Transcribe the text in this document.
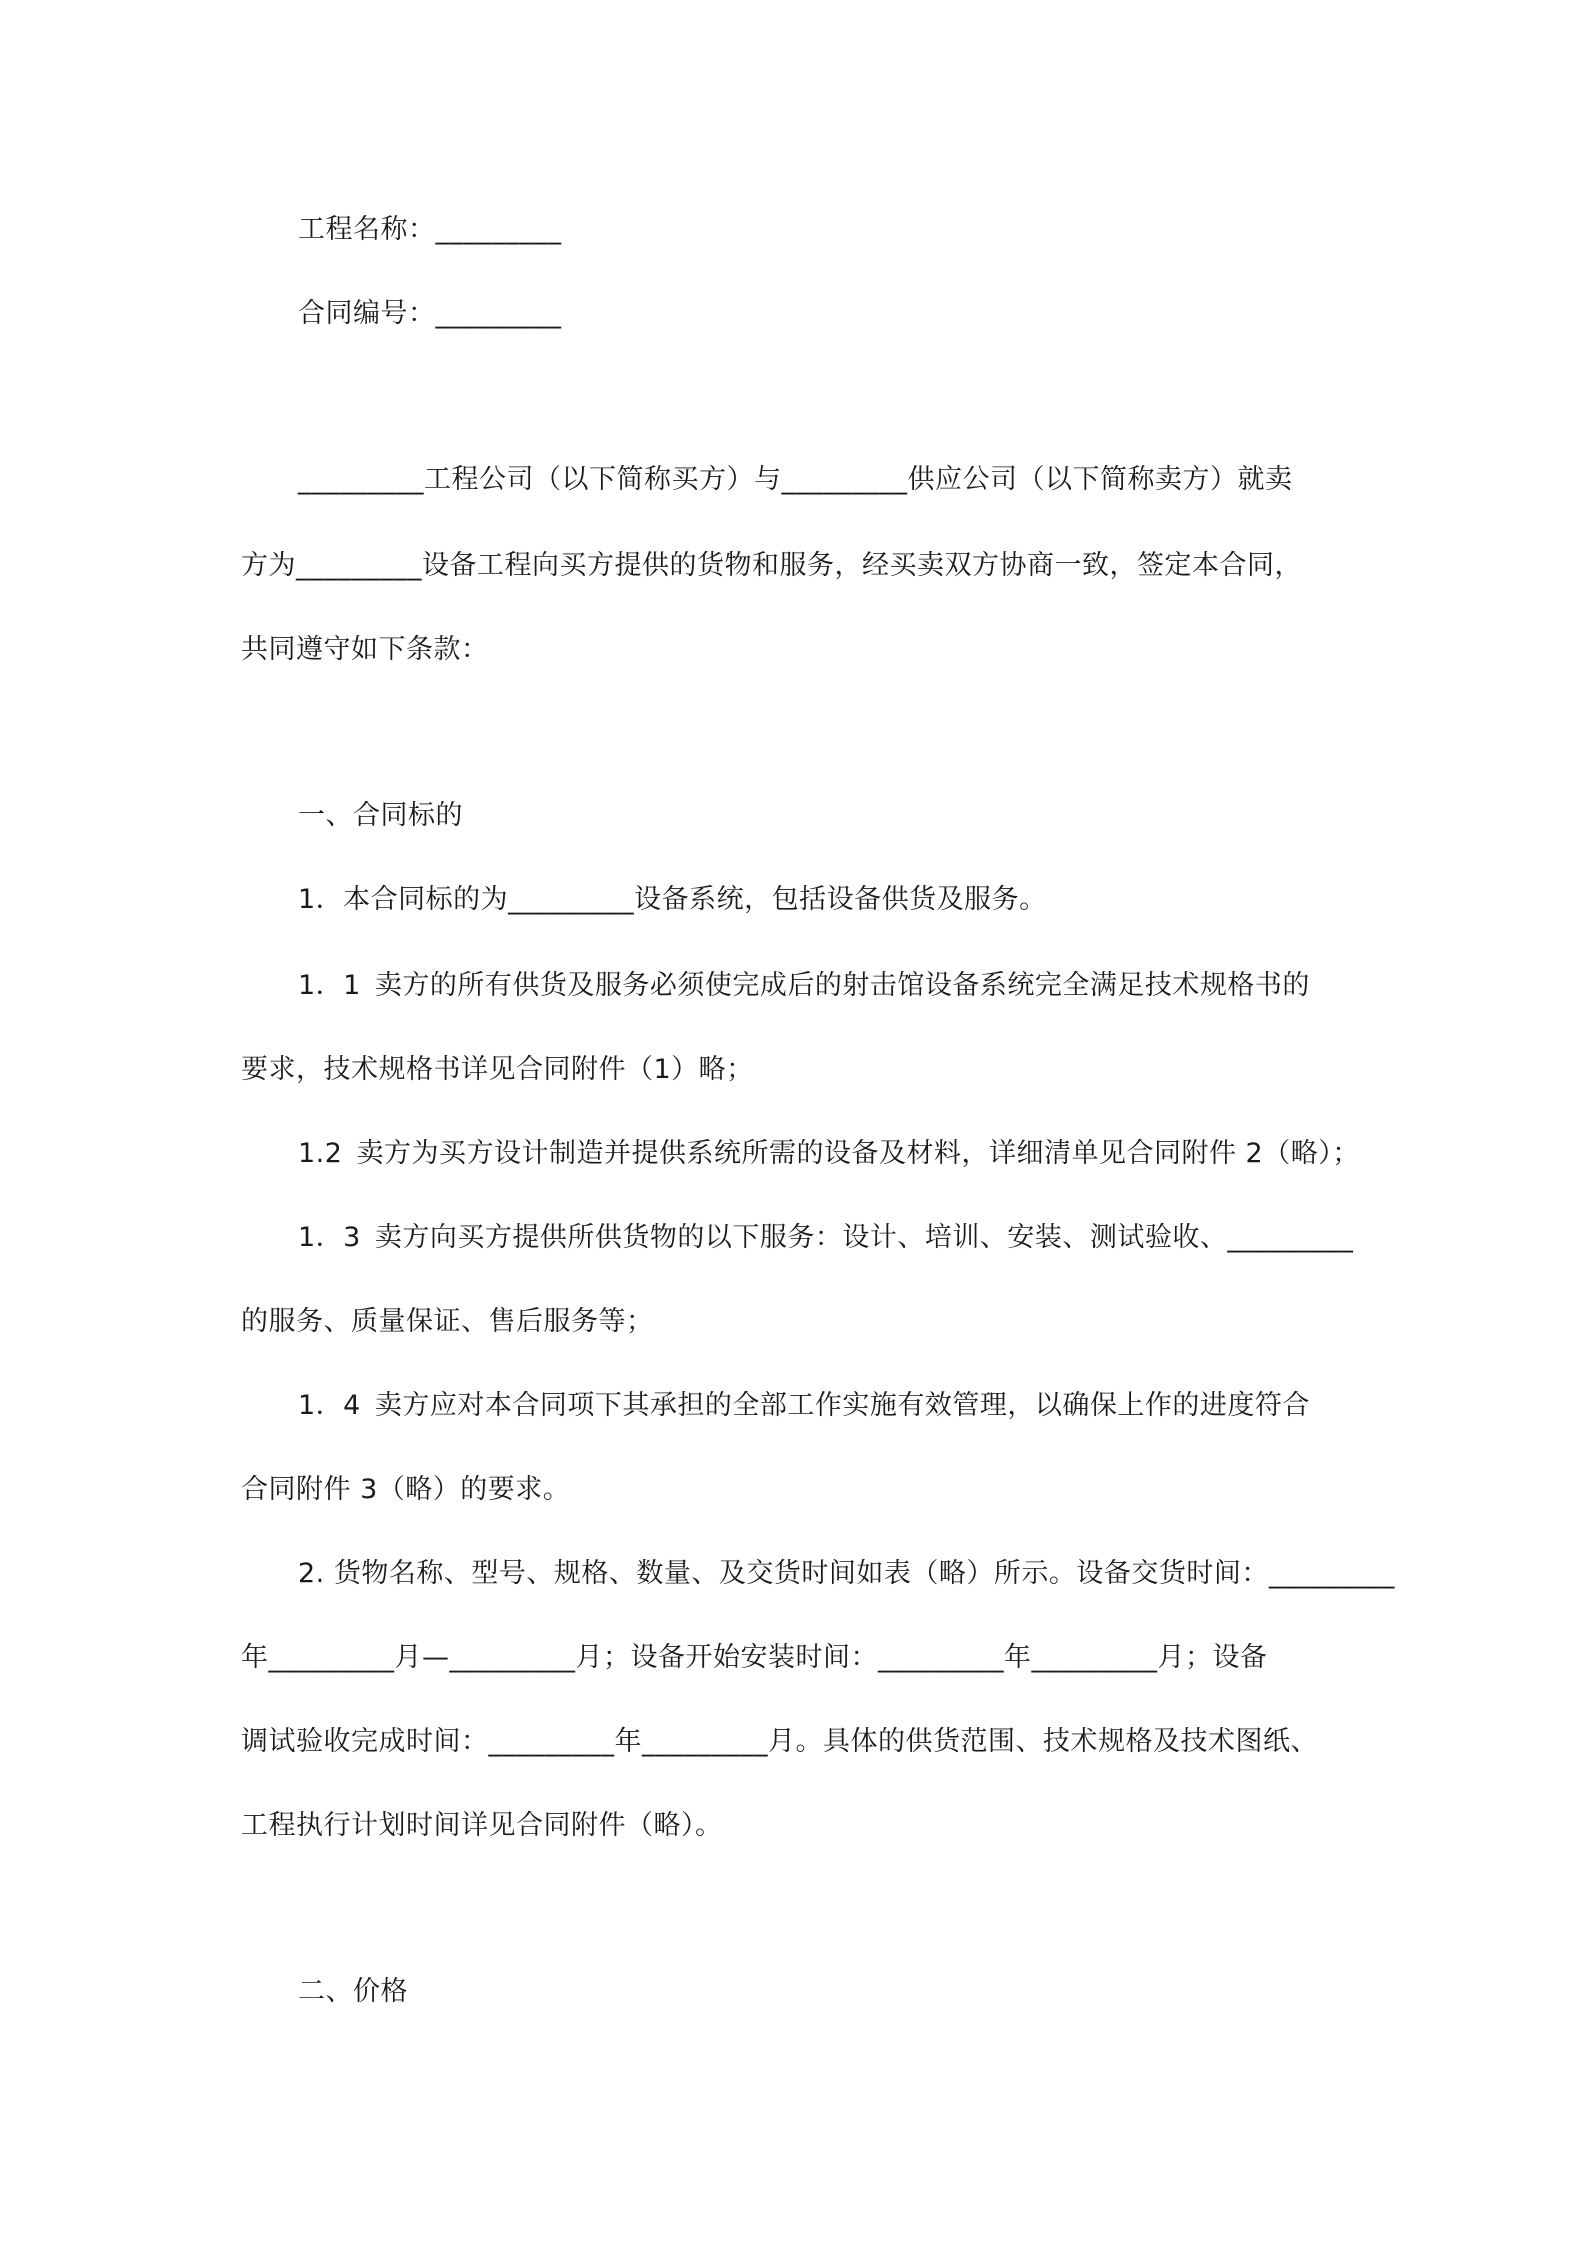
工程名称：_________
合同编号：_________
_________工程公司（以下简称买方）与_________供应公司（以下简称卖方）就卖
方为_________设备工程向买方提供的货物和服务，经买卖双方协商一致，签定本合同，
共同遵守如下条款：
一、合同标的
1．本合同标的为_________设备系统，包括设备供货及服务。
1．1 卖方的所有供货及服务必须使完成后的射击馆设备系统完全满足技术规格书的
要求，技术规格书详见合同附件（1）略；
1.2 卖方为买方设计制造并提供系统所需的设备及材料，详细清单见合同附件 2（略）；
1．3 卖方向买方提供所供货物的以下服务：设计、培训、安装、测试验收、_________
的服务、质量保证、售后服务等；
1．4 卖方应对本合同项下其承担的全部工作实施有效管理，以确保上作的进度符合
合同附件 3（略）的要求。
2. 货物名称、型号、规格、数量、及交货时间如表（略）所示。设备交货时间：_________
年_________月—_________月；设备开始安装时间：_________年_________月；设备
调试验收完成时间：_________年_________月。具体的供货范围、技术规格及技术图纸、
工程执行计划时间详见合同附件（略）。
二、价格
